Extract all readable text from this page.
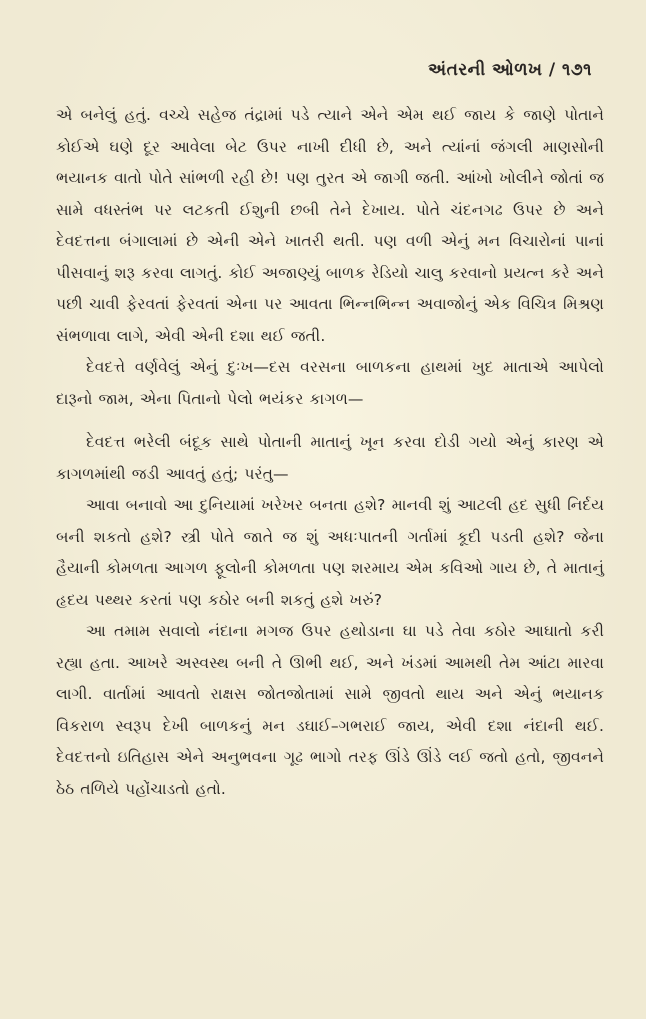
અંતરની ઓળખ / ૧૭૧

એ બનેલું હતું. વચ્ચે સહેજ તંદ્રામાં પડે ત્યાને એને એમ થઈ જાય કે જાણે પોતાને કોઈએ ઘણે દૂર આવેલા બેટ ઉપર નાખી દીધી છે, અને ત્યાંનાં જંગલી માણસોની ભયાનક વાતો પોતે સાંભળી રહી છે! પણ તુરત એ જાગી જતી. આંખો ખોલીને જોતાં જ સામે વધસ્તંભ પર લટકતી ઈશુની છબી તેને દેખાય. પોતે ચંદનગઢ ઉપર છે અને દેવદત્તના બંગાલામાં છે એની એને ખાતરી થતી. પણ વળી એનું મન વિચારોનાં પાનાં પીસવાનું શરૂ કરવા લાગતું. કોઈ અજાણ્યું બાળક રેડિયો ચાલુ કરવાનો પ્રયત્ન કરે અને પછી ચાવી ફેરવતાં ફેરવતાં એના પર આવતા ભિન્નભિન્ન અવાજોનું એક વિચિત્ર મિશ્રણ સંભળાવા લાગે, એવી એની દશા થઈ જતી.

દેવદત્તે વર્ણવેલું એનું દુઃખ—દસ વરસના બાળકના હાથમાં ખુદ માતાએ આપેલો દારૂનો જામ, એના પિતાનો પેલો ભયંકર કાગળ—

દેવદત્ત ભરેલી બંદૂક સાથે પોતાની માતાનું ખૂન કરવા દોડી ગયો એનું કારણ એ કાગળમાંથી જડી આવતું હતું; પરંતુ—

આવા બનાવો આ દુનિયામાં ખરેખર બનતા હશે? માનવી શું આટલી હદ સુધી નિર્દય બની શકતો હશે? સ્ત્રી પોતે જાતે જ શું અધઃપાતની ગર્તામાં કૂદી પડતી હશે? જેના હૈયાની કોમળતા આગળ ફૂલોની કોમળતા પણ શરમાય એમ કવિઓ ગાય છે, તે માતાનું હૃદય પથ્થર કરતાં પણ કઠોર બની શકતું હશે ખરું?

આ તમામ સવાલો નંદાના મગજ ઉપર હથોડાના ઘા પડે તેવા કઠોર આઘાતો કરી રહ્યા હતા. આખરે અસ્વસ્થ બની તે ઊભી થઈ, અને ખંડમાં આમથી તેમ આંટા મારવા લાગી. વાર્તામાં આવતો રાક્ષસ જોતજોતામાં સામે જીવતો થાય અને એનું ભયાનક વિકરાળ સ્વરૂપ દેખી બાળકનું મન ડઘાઈ–ગભરાઈ જાય, એવી દશા નંદાની થઈ. દેવદત્તનો ઇતિહાસ એને અનુભવના ગૂઢ ભાગો તરફ ઊંડે ઊંડે લઈ જતો હતો, જીવનને ઠેઠ તળિયે પહોંચાડતો હતો.
